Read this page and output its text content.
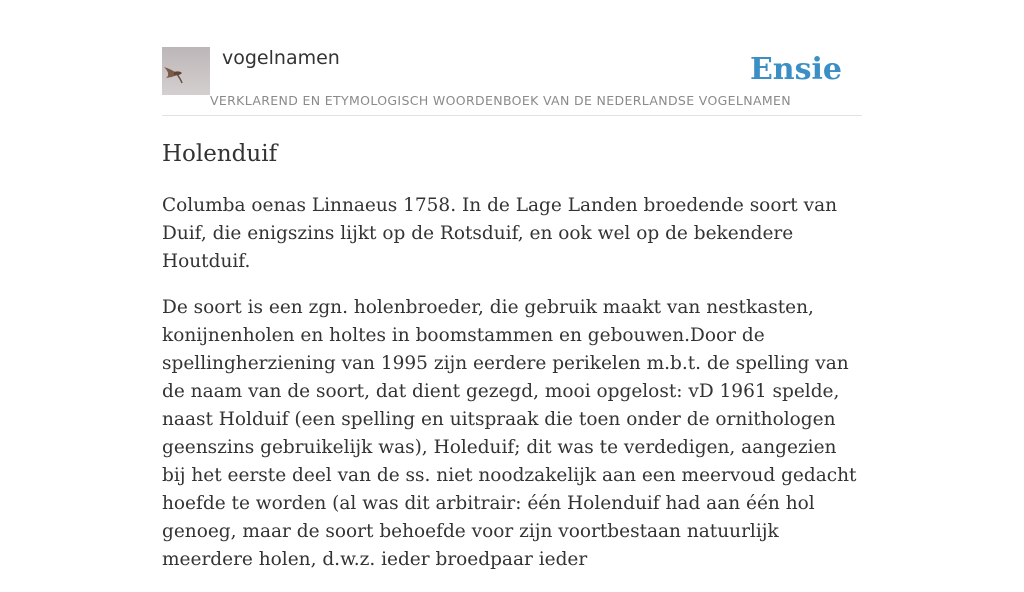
vogelnamen	Ensie
VERKLAREND EN ETYMOLOGISCH WOORDENBOEK VAN DE NEDERLANDSE VOGELNAMEN
Holenduif

Columba oenas Linnaeus 1758. In de Lage Landen broedende soort van Duif, die enigszins lijkt op de Rotsduif, en ook wel op de bekendere Houtduif.

De soort is een zgn. holenbroeder, die gebruik maakt van nestkasten, konijnenholen en holtes in boomstammen en gebouwen.Door de spellingherziening van 1995 zijn eerdere perikelen m.b.t. de spelling van de naam van de soort, dat dient gezegd, mooi opgelost: vD 1961 spelde, naast Holduif (een spelling en uitspraak die toen onder de ornithologen geenszins gebruikelijk was), Holeduif; dit was te verdedigen, aangezien bij het eerste deel van de ss. niet noodzakelijk aan een meervoud gedacht hoefde te worden (al was dit arbitrair: één Holenduif had aan één hol genoeg, maar de soort behoefde voor zijn voortbestaan natuurlijk meerdere holen, d.w.z. ieder broedpaar ieder
